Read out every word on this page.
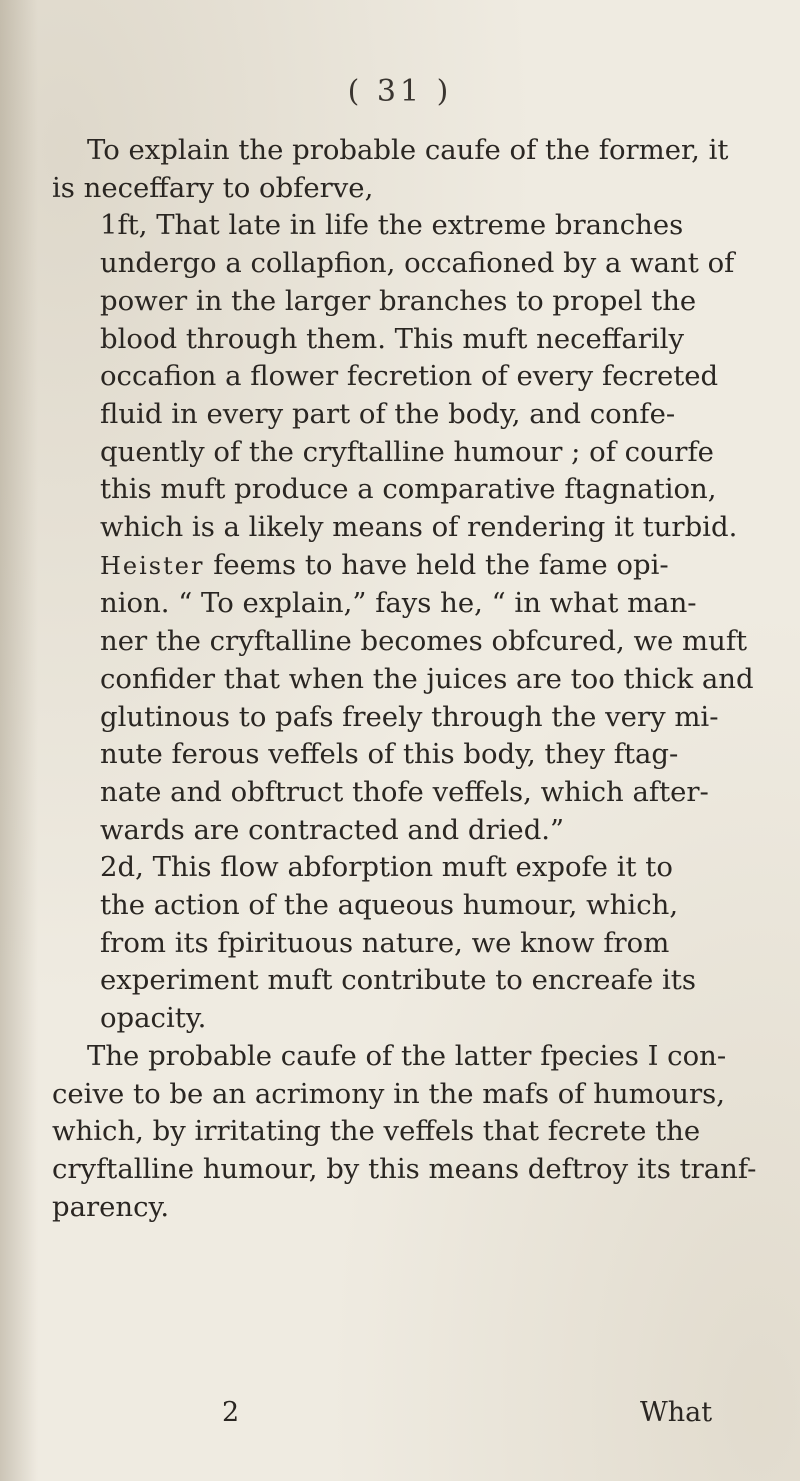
( 31 )
To explain the probable caufe of the former, it
is neceffary to obferve,
1ft, That late in life the extreme branches
undergo a collapfion, occafioned by a want of
power in the larger branches to propel the
blood through them. This muft neceffarily
occafion a flower fecretion of every fecreted
fluid in every part of the body, and confe-
quently of the cryftalline humour ; of courfe
this muft produce a comparative ftagnation,
which is a likely means of rendering it turbid.
Heister feems to have held the fame opi-
nion. “ To explain,” fays he, “ in what man-
ner the cryftalline becomes obfcured, we muft
confider that when the juices are too thick and
glutinous to pafs freely through the very mi-
nute ferous veffels of this body, they ftag-
nate and obftruct thofe veffels, which after-
wards are contracted and dried.”
2d, This flow abforption muft expofe it to
the action of the aqueous humour, which,
from its fpirituous nature, we know from
experiment muft contribute to encreafe its
opacity.
The probable caufe of the latter fpecies I con-
ceive to be an acrimony in the mafs of humours,
which, by irritating the veffels that fecrete the
cryftalline humour, by this means deftroy its tranf-
parency.
2	What
